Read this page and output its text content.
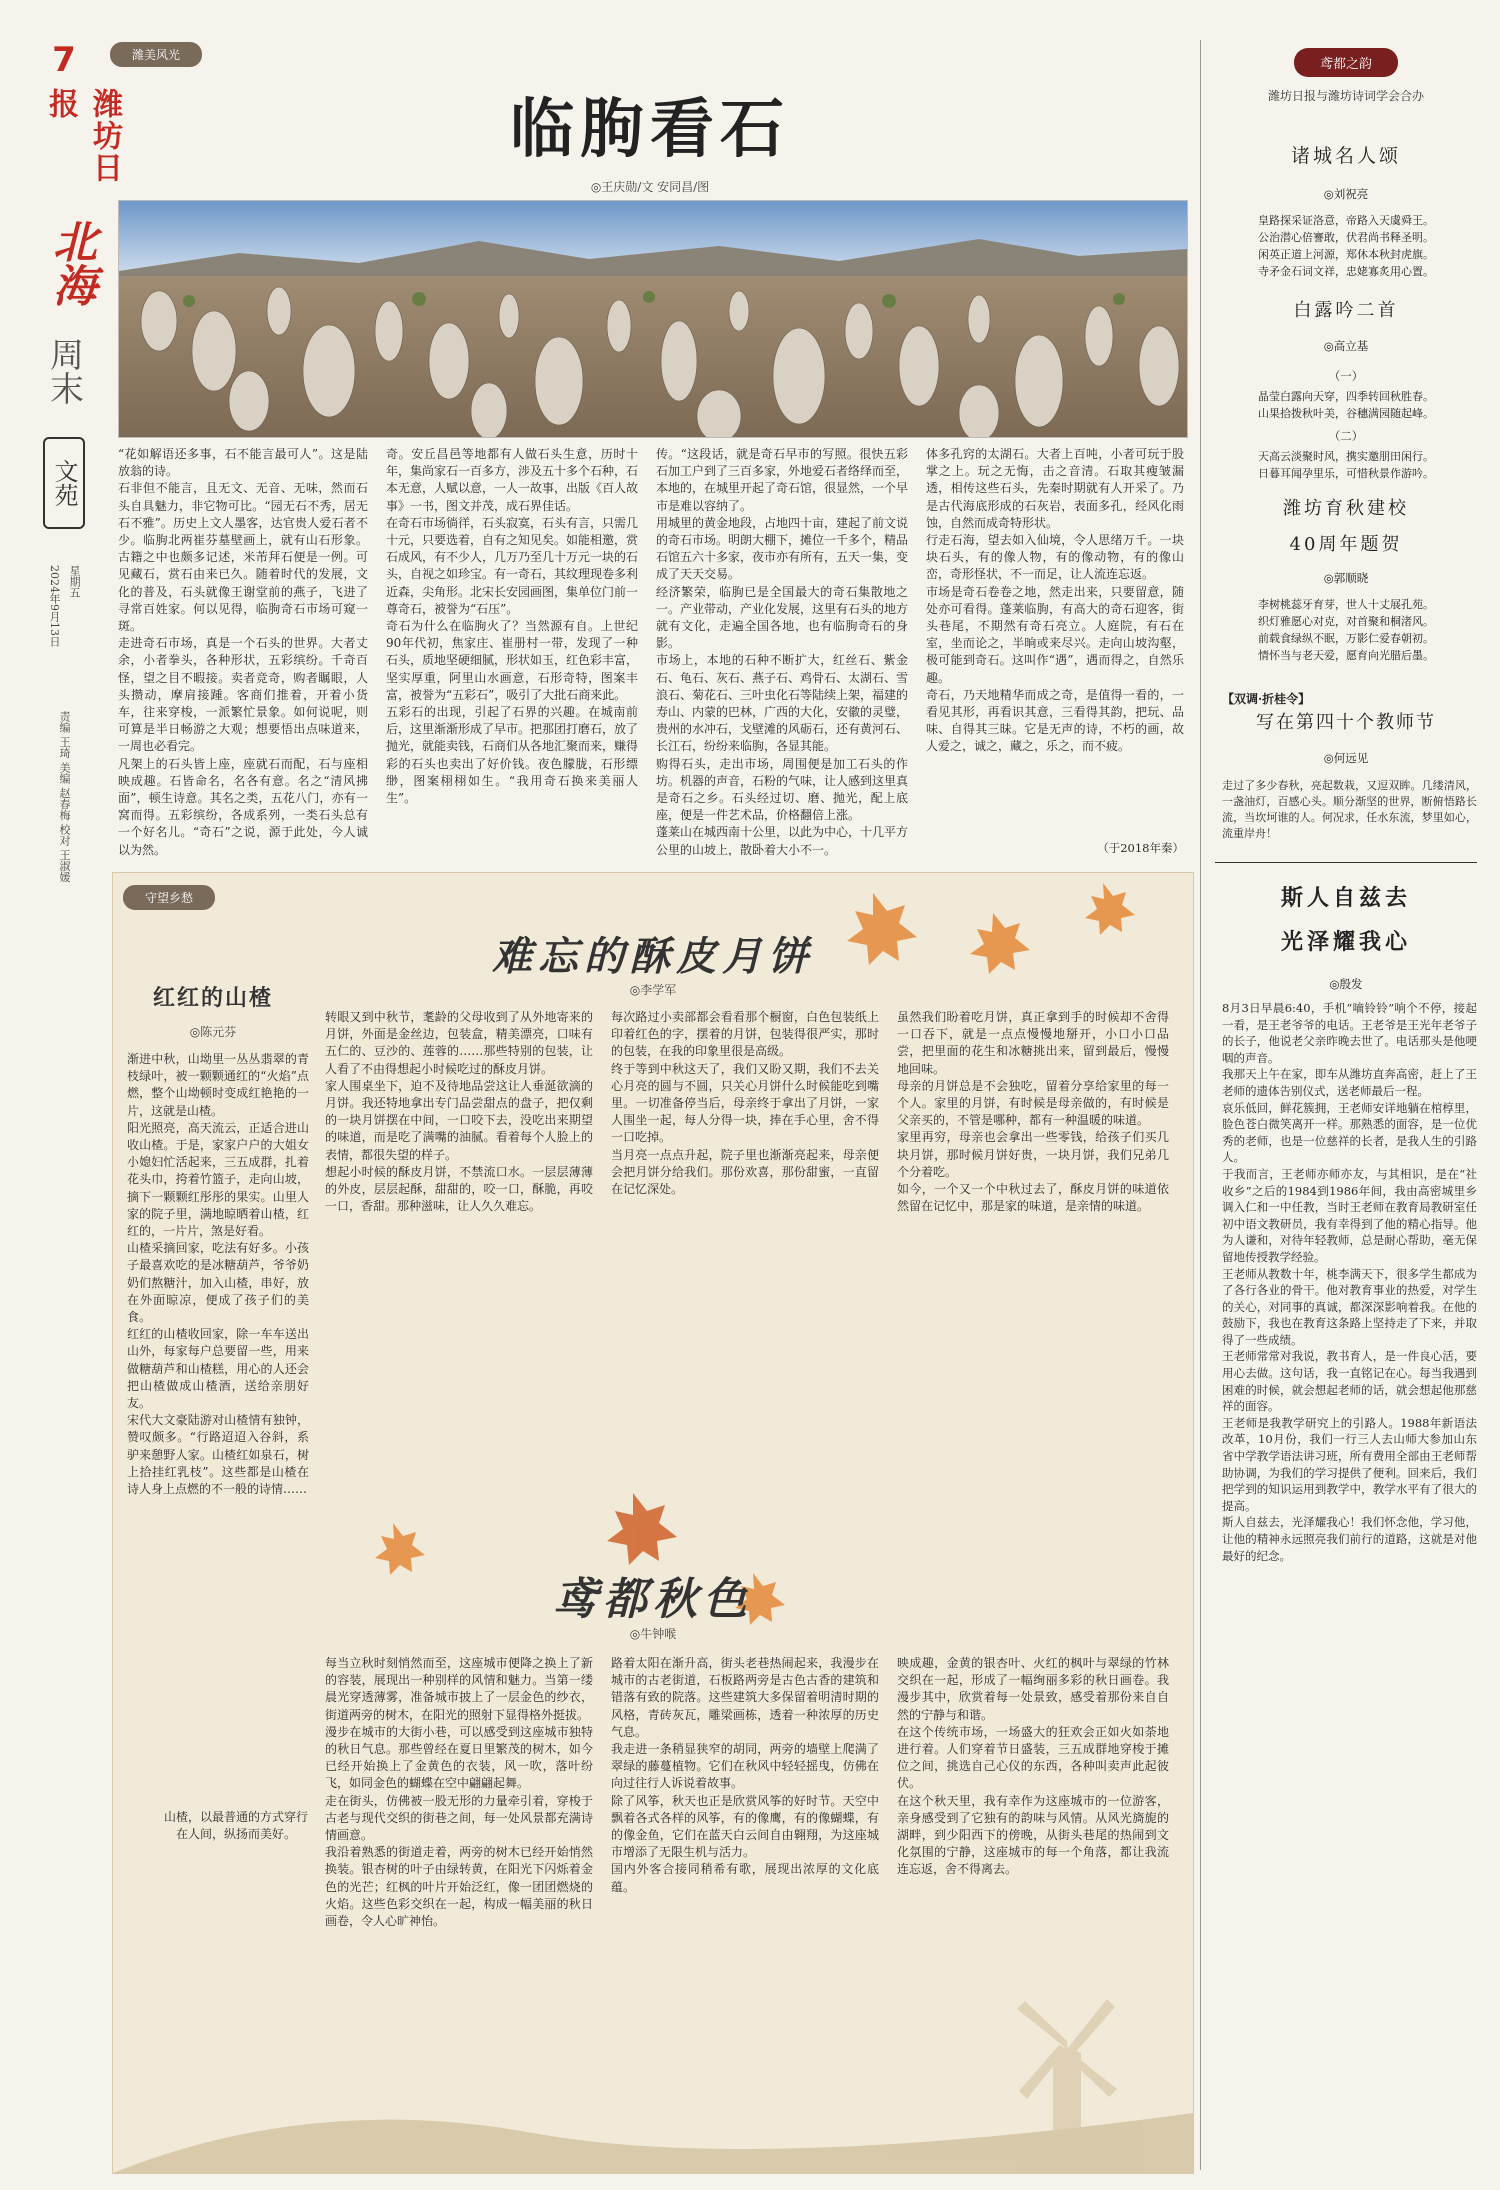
7
潍坊日报
北海
周末
文苑
2024年9月13日 星期五
责编 王琦 美编 赵春梅 校对 王淑媛
潍美风光
临朐看石
◎王庆勋/文 安同昌/图
“花如解语还多事，石不能言最可人”。这是陆放翁的诗。
石非但不能言，且无文、无音、无味，然而石头自具魅力，非它物可比。“园无石不秀，居无石不雅”。历史上文人墨客，达官贵人爱石者不少。临朐北两崔芬墓壁画上，就有山石形象。古籍之中也颇多记述，米芾拜石便是一例。可见藏石，赏石由来已久。随着时代的发展，文化的普及，石头就像王谢堂前的燕子，飞进了寻常百姓家。何以见得，临朐奇石市场可窥一斑。
走进奇石市场，真是一个石头的世界。大者丈余，小者拳头，各种形状，五彩缤纷。千奇百怪，望之目不暇接。卖者竞奇，购者瞩眼，人头攒动，摩肩接踵。客商们推着，开着小货车，往来穿梭，一派繁忙景象。如何说呢，则可算是半日畅游之大观；想要悟出点味道来，一周也必看完。
凡架上的石头皆上座，座就石而配，石与座相映成趣。石皆命名，名各有意。名之“清风拂面”，顿生诗意。其名之类，五花八门，亦有一窝而得。五彩缤纷，各成系列，一类石头总有一个好名儿。“奇石”之说，源于此处，今人诚以为然。
奇。安丘昌邑等地都有人做石头生意，历时十年，集尚家石一百多方，涉及五十多个石种，石本无意，人赋以意，一人一故事，出版《百人故事》一书，图文并茂，成石界佳话。
在奇石市场徜徉，石头寂寞，石头有言，只需几十元，只要选着，自有之知见矣。如能相邀，赏石成风，有不少人，几万乃至几十万元一块的石头，自视之如珍宝。有一奇石，其纹理现卷多利近森，尖角形。北宋长安园画图，集单位门前一尊奇石，被誉为“石压”。
奇石为什么在临朐火了？当然源有自。上世纪90年代初，焦家庄、崔册村一带，发现了一种石头，质地坚硬细腻，形状如玉，红色彩丰富，坚实厚重，阿里山水画意，石形奇特，图案丰富，被誉为“五彩石”，吸引了大批石商来此。
五彩石的出现，引起了石界的兴趣。在城南前后，这里渐渐形成了早市。把那团打磨石，放了抛光，就能卖钱，石商们从各地汇聚而来，赚得彩的石头也卖出了好价钱。夜色朦胧，石形缥缈，图案栩栩如生。“我用奇石换来美丽人生”。
传。“这段话，就是奇石早市的写照。很快五彩石加工户到了三百多家，外地爱石者络绎而至，本地的，在城里开起了奇石馆，很显然，一个早市是难以容纳了。
用城里的黄金地段，占地四十亩，建起了前文说的奇石市场。明朗大棚下，摊位一千多个，精品石馆五六十多家，夜市亦有所有，五天一集，变成了天天交易。
经济繁荣，临朐已是全国最大的奇石集散地之一。产业带动，产业化发展，这里有石头的地方就有文化，走遍全国各地，也有临朐奇石的身影。
市场上，本地的石种不断扩大，红丝石、紫金石、龟石、灰石、燕子石、鸡骨石、太湖石、雪浪石、菊花石、三叶虫化石等陆续上架，福建的寿山、内蒙的巴林，广西的大化，安徽的灵璧，贵州的水冲石，戈壁滩的风砺石，还有黄河石、长江石，纷纷来临朐，各显其能。
购得石头，走出市场，周围便是加工石头的作坊。机器的声音，石粉的气味，让人感到这里真是奇石之乡。石头经过切、磨、抛光，配上底座，便是一件艺术品，价格翻倍上涨。
蓬莱山在城西南十公里，以此为中心，十几平方公里的山坡上，散卧着大小不一。
体多孔窍的太湖石。大者上百吨，小者可玩于股掌之上。玩之无悔，击之音清。石取其瘦皱漏透，相传这些石头，先秦时期就有人开采了。乃是古代海底形成的石灰岩，表面多孔，经风化雨蚀，自然而成奇特形状。
行走石海，望去如入仙境，令人思绪万千。一块块石头，有的像人物，有的像动物，有的像山峦，奇形怪状，不一而足，让人流连忘返。
市场是奇石卷卷之地，然走出来，只要留意，随处亦可看得。蓬莱临朐，有高大的奇石迎客，街头巷尾，不期然有奇石亮立。人庭院，有石在室，坐而论之，半晌或来尽兴。走向山坡沟壑，极可能到奇石。这叫作“遇”，遇而得之，自然乐趣。
奇石，乃天地精华而成之奇，是值得一看的，一看见其形，再看识其意，三看得其韵，把玩、品味、自得其三昧。它是无声的诗，不朽的画，故人爱之，诚之，藏之，乐之，而不疲。
（于2018年秦）
守望乡愁
难忘的酥皮月饼
◎李学军
红红的山楂
◎陈元芬
渐进中秋，山坳里一丛丛翡翠的青枝绿叶，被一颗颗通红的“火焰”点燃，整个山坳顿时变成红艳艳的一片，这就是山楂。
阳光照亮，高天流云，正适合进山收山楂。于是，家家户户的大姐女小媳妇忙活起来，三五成群，扎着花头巾，挎着竹篮子，走向山坡，摘下一颗颗红彤彤的果实。山里人家的院子里，满地晾晒着山楂，红红的，一片片，煞是好看。
山楂采摘回家，吃法有好多。小孩子最喜欢吃的是冰糖葫芦，爷爷奶奶们熬糖汁，加入山楂，串好，放在外面晾凉，便成了孩子们的美食。
红红的山楂收回家，除一车车送出山外，每家每户总要留一些，用来做糖葫芦和山楂糕，用心的人还会把山楂做成山楂酒，送给亲朋好友。
宋代大文豪陆游对山楂情有独钟，赞叹颇多。“行路迢迢入谷斜，系驴来憩野人家。山楂红如泉石，树上拾挂红乳枝”。这些都是山楂在诗人身上点燃的不一般的诗情……
山楂，以最普通的方式穿行在人间，纵扬而美好。
转眼又到中秋节，耄龄的父母收到了从外地寄来的月饼，外面是金丝边，包装盒，精美漂亮，口味有五仁的、豆沙的、莲蓉的……那些特别的包装，让人看了不由得想起小时候吃过的酥皮月饼。
家人围桌坐下，迫不及待地品尝这让人垂涎欲滴的月饼。我还特地拿出专门品尝甜点的盘子，把仅剩的一块月饼摆在中间，一口咬下去，没吃出来期望的味道，而是吃了满嘴的油腻。看着每个人脸上的表情，都很失望的样子。
想起小时候的酥皮月饼，不禁流口水。一层层薄薄的外皮，层层起酥，甜甜的，咬一口，酥脆，再咬一口，香甜。那种滋味，让人久久难忘。
每次路过小卖部都会看看那个橱窗，白色包装纸上印着红色的字，摆着的月饼，包装得很严实，那时的包装，在我的印象里很是高级。
终于等到中秋这天了，我们又盼又期，我们不去关心月亮的圆与不圆，只关心月饼什么时候能吃到嘴里。一切准备停当后，母亲终于拿出了月饼，一家人围坐一起，每人分得一块，捧在手心里，舍不得一口吃掉。
当月亮一点点升起，院子里也渐渐亮起来，母亲便会把月饼分给我们。那份欢喜，那份甜蜜，一直留在记忆深处。
虽然我们盼着吃月饼，真正拿到手的时候却不舍得一口吞下，就是一点点慢慢地掰开，小口小口品尝，把里面的花生和冰糖挑出来，留到最后，慢慢地回味。
母亲的月饼总是不会独吃，留着分享给家里的每一个人。家里的月饼，有时候是母亲做的，有时候是父亲买的，不管是哪种，都有一种温暖的味道。
家里再穷，母亲也会拿出一些零钱，给孩子们买几块月饼，那时候月饼好贵，一块月饼，我们兄弟几个分着吃。
如今，一个又一个中秋过去了，酥皮月饼的味道依然留在记忆中，那是家的味道，是亲情的味道。
鸢都秋色
◎牛钟喉
每当立秋时刻悄然而至，这座城市便降之换上了新的容装，展现出一种别样的风情和魅力。当第一缕晨光穿透薄雾，准备城市披上了一层金色的纱衣，街道两旁的树木，在阳光的照射下显得格外挺拔。
漫步在城市的大街小巷，可以感受到这座城市独特的秋日气息。那些曾经在夏日里繁茂的树木，如今已经开始换上了金黄色的衣装，风一吹，落叶纷飞，如同金色的蝴蝶在空中翩翩起舞。
走在街头，仿佛被一股无形的力量牵引着，穿梭于古老与现代交织的街巷之间，每一处风景都充满诗情画意。
我沿着熟悉的街道走着，两旁的树木已经开始悄然换装。银杏树的叶子由绿转黄，在阳光下闪烁着金色的光芒；红枫的叶片开始泛红，像一团团燃烧的火焰。这些色彩交织在一起，构成一幅美丽的秋日画卷，令人心旷神怡。
路着太阳在渐升高，街头老巷热闹起来，我漫步在城市的古老街道，石板路两旁是古色古香的建筑和错落有致的院落。这些建筑大多保留着明清时期的风格，青砖灰瓦，雕梁画栋，透着一种浓厚的历史气息。
我走进一条稍显狭窄的胡同，两旁的墙壁上爬满了翠绿的藤蔓植物。它们在秋风中轻轻摇曳，仿佛在向过往行人诉说着故事。
除了风筝，秋天也正是欣赏风筝的好时节。天空中飘着各式各样的风筝，有的像鹰，有的像蝴蝶，有的像金鱼，它们在蓝天白云间自由翱翔，为这座城市增添了无限生机与活力。
国内外客合接同稍希有歌，展现出浓厚的文化底蕴。
映成趣，金黄的银杏叶、火红的枫叶与翠绿的竹林交织在一起，形成了一幅绚丽多彩的秋日画卷。我漫步其中，欣赏着每一处景致，感受着那份来自自然的宁静与和谐。
在这个传统市场，一场盛大的狂欢会正如火如荼地进行着。人们穿着节日盛装，三五成群地穿梭于摊位之间，挑选自己心仪的东西，各种叫卖声此起彼伏。
在这个秋天里，我有幸作为这座城市的一位游客，亲身感受到了它独有的韵味与风情。从风光旖旎的湖畔，到少阳西下的傍晚，从街头巷尾的热闹到文化氛围的宁静，这座城市的每一个角落，都让我流连忘返，舍不得离去。
鸢都之韵
潍坊日报与潍坊诗词学会合办
诸城名人颂
◎刘祝亮
皇路探采证洛意，帝路入天虞舜王。
公治潜心倍謇敢，伏君尚书释圣明。
闲英正道上河源，郑休本秋封虎旗。
寺矛金石词文祥，忠姥寡炙用心置。
白露吟二首
◎高立基
（一）
晶莹白露向天穿，四季转回秋胜春。
山果拾拨秋叶美，谷穗满园随起峰。
（二）
天高云淡聚时风，携实邀朋田闲行。
日暮耳闻孕里乐，可惜秋景作游吟。
潍坊育秋建校
40周年题贺
◎郭顺晓
李树桃蕊牙育芽，世人十丈展孔苑。
织灯雅愿心对克，对首聚和桐渚风。
前载食绿纵不眠，万影仁爱春朝初。
情怀当与老天爱，愿育向光腊后墨。
【双调·折桂令】
写在第四十个教师节
◎何远见
走过了多少春秋，亮起数栽，又逗双眸。几缕清风，一盏油灯，百感心头。顺分渐坚的世界，断俯悟路长流，当坎坷谁的人。何况求，任水东流，梦里如心，流重岸舟！
斯人自兹去
光泽耀我心
◎殷发
8月3日早晨6:40，手机“嘀铃铃”响个不停，接起一看，是王老爷爷的电话。王老爷是王光年老爷子的长子，他说老父亲昨晚去世了。电话那头是他哽咽的声音。
我那天上午在家，即车从潍坊直奔高密，赶上了王老师的遗体告别仪式，送老师最后一程。
哀乐低回，鲜花簇拥，王老师安详地躺在棺椁里，脸色苍白微笑离开一样。那熟悉的面容，是一位优秀的老师，也是一位慈祥的长者，是我人生的引路人。
于我而言，王老师亦师亦友，与其相识，是在“社收乡”之后的1984到1986年间，我由高密城里乡调入仁和一中任教，当时王老师在教育局教研室任初中语文教研员，我有幸得到了他的精心指导。他为人谦和，对待年轻教师，总是耐心帮助，毫无保留地传授教学经验。
王老师从教数十年，桃李满天下，很多学生都成为了各行各业的骨干。他对教育事业的热爱，对学生的关心，对同事的真诚，都深深影响着我。在他的鼓励下，我也在教育这条路上坚持走了下来，并取得了一些成绩。
王老师常常对我说，教书育人，是一件良心活，要用心去做。这句话，我一直铭记在心。每当我遇到困难的时候，就会想起老师的话，就会想起他那慈祥的面容。
王老师是我教学研究上的引路人。1988年新语法改革，10月份，我们一行三人去山师大参加山东省中学教学语法讲习班，所有费用全部由王老师帮助协调，为我们的学习提供了便利。回来后，我们把学到的知识运用到教学中，教学水平有了很大的提高。
斯人自兹去，光泽耀我心！我们怀念他，学习他，让他的精神永远照亮我们前行的道路，这就是对他最好的纪念。
